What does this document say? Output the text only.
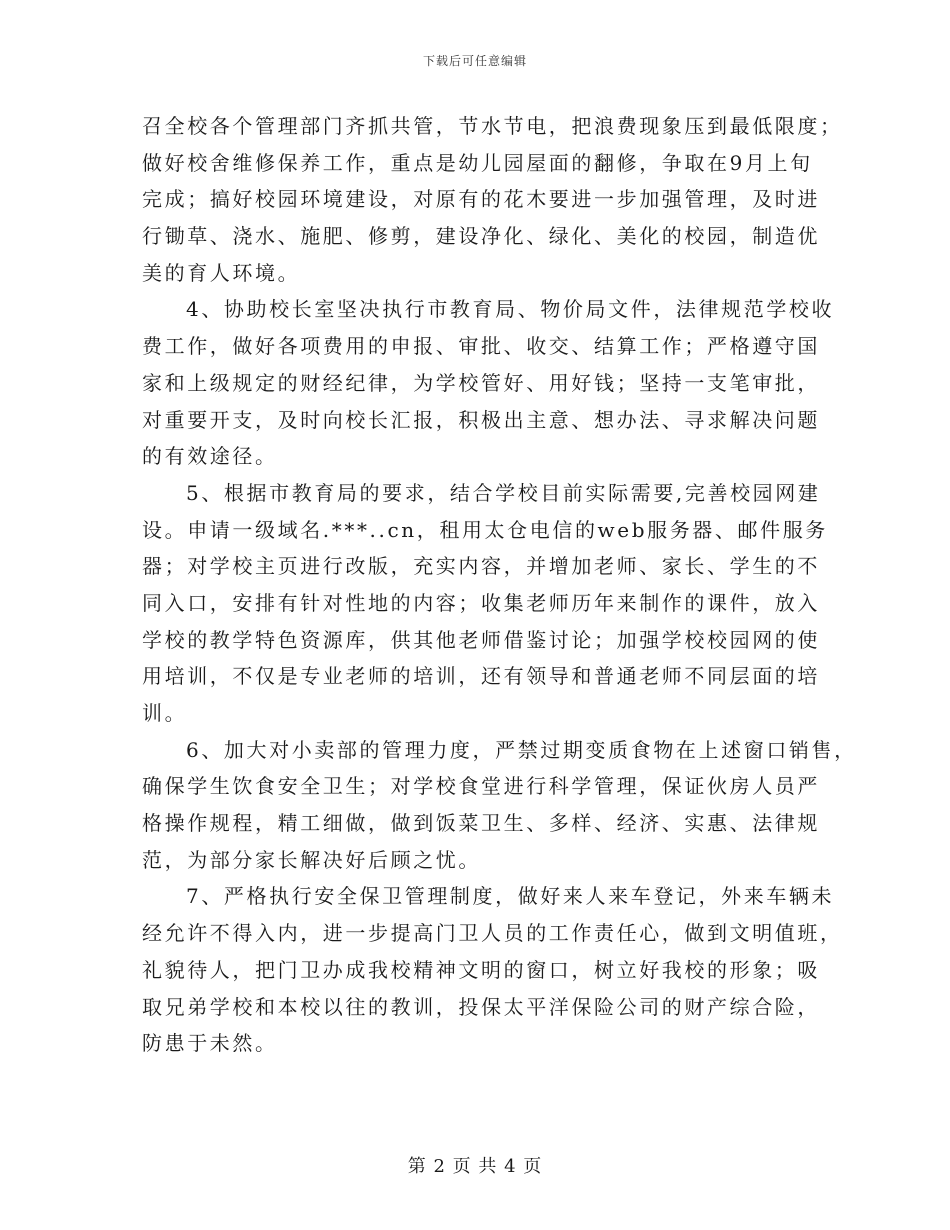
下载后可任意编辑
召全校各个管理部门齐抓共管，节水节电，把浪费现象压到最低限度；
做好校舍维修保养工作，重点是幼儿园屋面的翻修，争取在9月上旬
完成；搞好校园环境建设，对原有的花木要进一步加强管理，及时进
行锄草、浇水、施肥、修剪，建设净化、绿化、美化的校园，制造优
美的育人环境。
4、协助校长室坚决执行市教育局、物价局文件，法律规范学校收
费工作，做好各项费用的申报、审批、收交、结算工作；严格遵守国
家和上级规定的财经纪律，为学校管好、用好钱；坚持一支笔审批，
对重要开支，及时向校长汇报，积极出主意、想办法、寻求解决问题
的有效途径。
5、根据市教育局的要求，结合学校目前实际需要,完善校园网建
设。申请一级域名.***..cn，租用太仓电信的web服务器、邮件服务
器；对学校主页进行改版，充实内容，并增加老师、家长、学生的不
同入口，安排有针对性地的内容；收集老师历年来制作的课件，放入
学校的教学特色资源库，供其他老师借鉴讨论；加强学校校园网的使
用培训，不仅是专业老师的培训，还有领导和普通老师不同层面的培
训。
6、加大对小卖部的管理力度，严禁过期变质食物在上述窗口销售，
确保学生饮食安全卫生；对学校食堂进行科学管理，保证伙房人员严
格操作规程，精工细做，做到饭菜卫生、多样、经济、实惠、法律规
范，为部分家长解决好后顾之忧。
7、严格执行安全保卫管理制度，做好来人来车登记，外来车辆未
经允许不得入内，进一步提高门卫人员的工作责任心，做到文明值班，
礼貌待人，把门卫办成我校精神文明的窗口，树立好我校的形象；吸
取兄弟学校和本校以往的教训，投保太平洋保险公司的财产综合险，
防患于未然。
第 2 页 共 4 页
